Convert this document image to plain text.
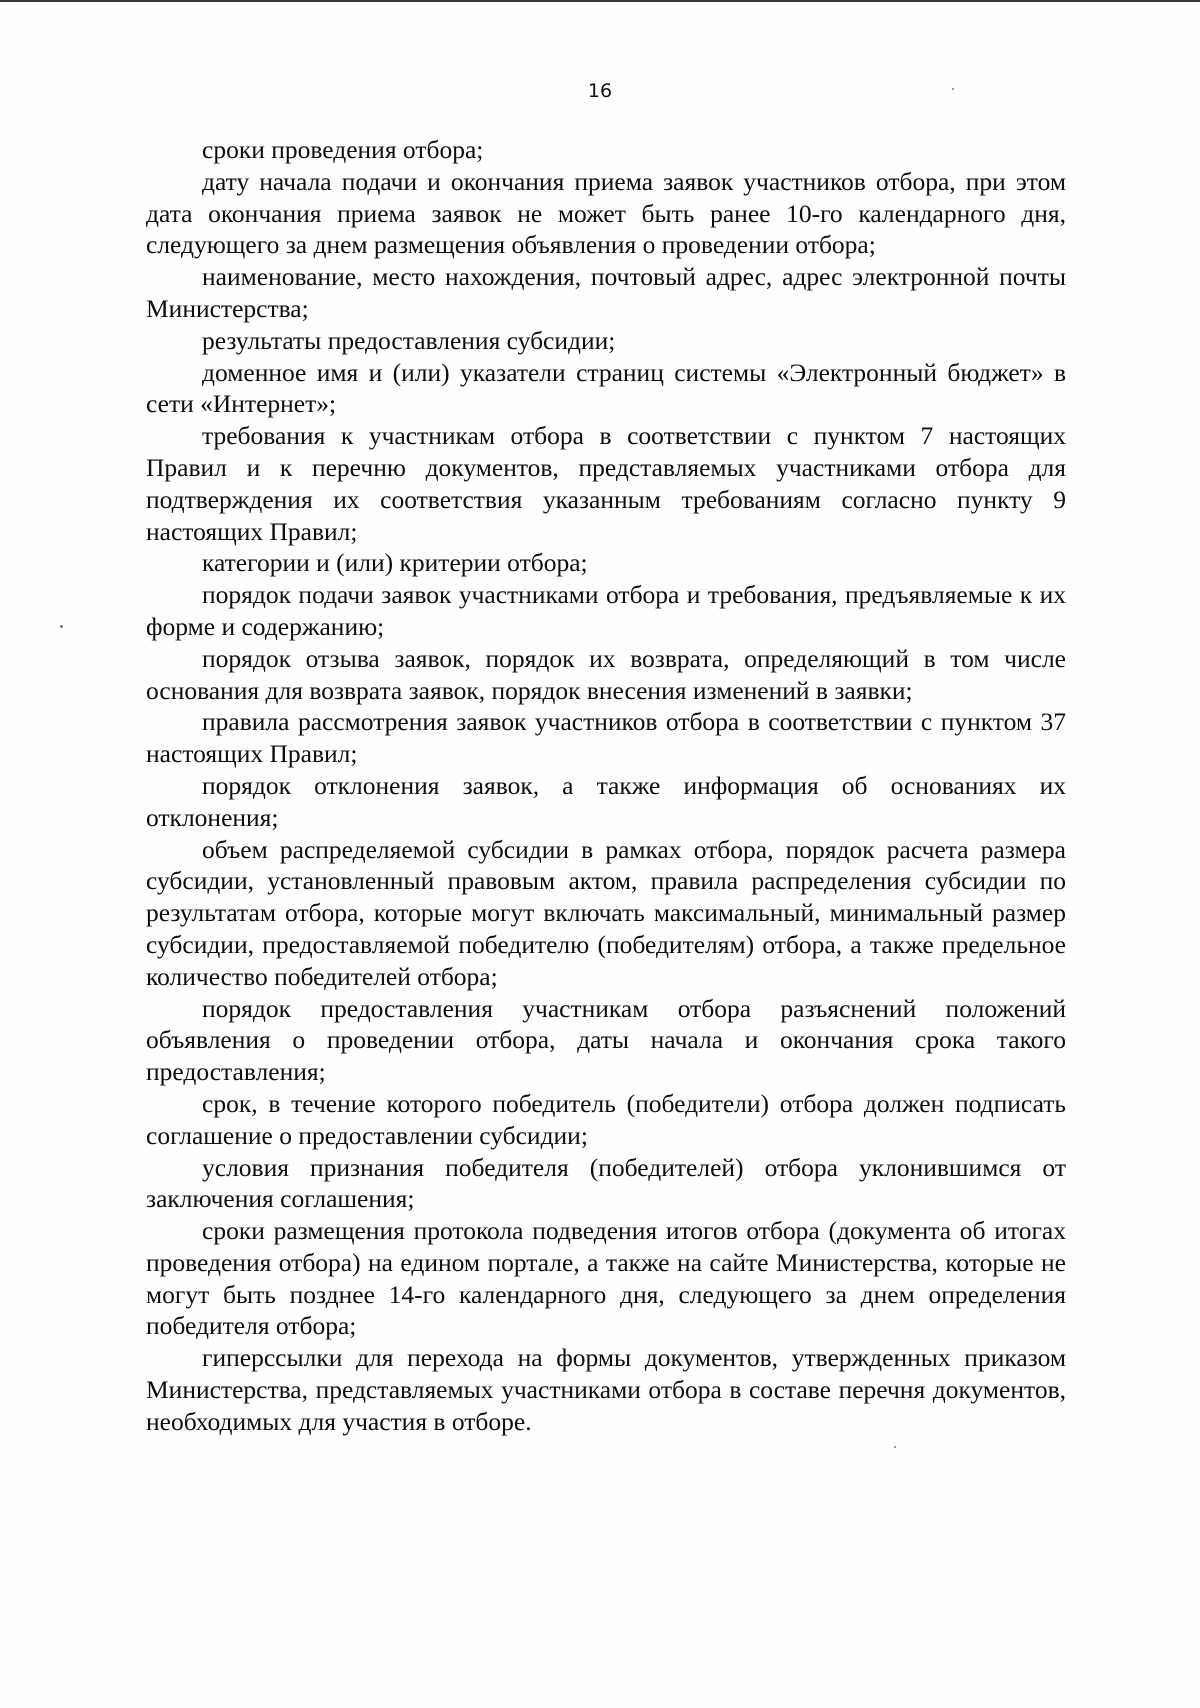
16

сроки проведения отбора;

дату начала подачи и окончания приема заявок участников отбора, при этом дата окончания приема заявок не может быть ранее 10-го календарного дня, следующего за днем размещения объявления о проведении отбора;

наименование, место нахождения, почтовый адрес, адрес электронной почты Министерства;

результаты предоставления субсидии;

доменное имя и (или) указатели страниц системы «Электронный бюджет» в сети «Интернет»;

требования к участникам отбора в соответствии с пунктом 7 настоящих Правил и к перечню документов, представляемых участниками отбора для подтверждения их соответствия указанным требованиям согласно пункту 9 настоящих Правил;

категории и (или) критерии отбора;

порядок подачи заявок участниками отбора и требования, предъявляемые к их форме и содержанию;

порядок отзыва заявок, порядок их возврата, определяющий в том числе основания для возврата заявок, порядок внесения изменений в заявки;

правила рассмотрения заявок участников отбора в соответствии с пунктом 37 настоящих Правил;

порядок отклонения заявок, а также информация об основаниях их отклонения;

объем распределяемой субсидии в рамках отбора, порядок расчета размера субсидии, установленный правовым актом, правила распределения субсидии по результатам отбора, которые могут включать максимальный, минимальный размер субсидии, предоставляемой победителю (победителям) отбора, а также предельное количество победителей отбора;

порядок предоставления участникам отбора разъяснений положений объявления о проведении отбора, даты начала и окончания срока такого предоставления;

срок, в течение которого победитель (победители) отбора должен подписать соглашение о предоставлении субсидии;

условия признания победителя (победителей) отбора уклонившимся от заключения соглашения;

сроки размещения протокола подведения итогов отбора (документа об итогах проведения отбора) на едином портале, а также на сайте Министерства, которые не могут быть позднее 14-го календарного дня, следующего за днем определения победителя отбора;

гиперссылки для перехода на формы документов, утвержденных приказом Министерства, представляемых участниками отбора в составе перечня документов, необходимых для участия в отборе.
